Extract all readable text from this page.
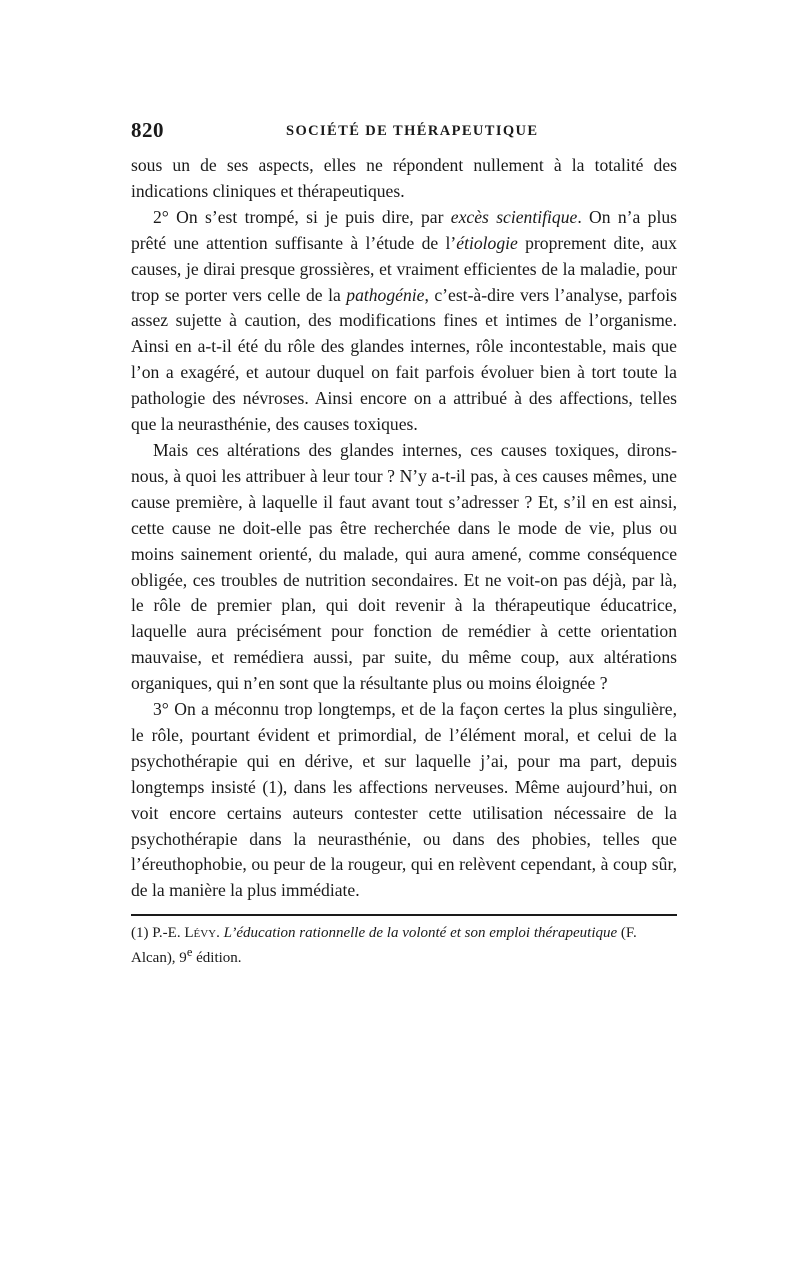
820	SOCIÉTÉ DE THÉRAPEUTIQUE

sous un de ses aspects, elles ne répondent nullement à la totalité des indications cliniques et thérapeutiques.

2° On s’est trompé, si je puis dire, par excès scientifique. On n’a plus prêté une attention suffisante à l’étude de l’étiologie proprement dite, aux causes, je dirai presque grossières, et vraiment efficientes de la maladie, pour trop se porter vers celle de la pathogénie, c’est-à-dire vers l’analyse, parfois assez sujette à caution, des modifications fines et intimes de l’organisme. Ainsi en a-t-il été du rôle des glandes internes, rôle incontestable, mais que l’on a exagéré, et autour duquel on fait parfois évoluer bien à tort toute la pathologie des névroses. Ainsi encore on a attribué à des affections, telles que la neurasthénie, des causes toxiques.

Mais ces altérations des glandes internes, ces causes toxiques, dirons-nous, à quoi les attribuer à leur tour ? N’y a-t-il pas, à ces causes mêmes, une cause première, à laquelle il faut avant tout s’adresser ? Et, s’il en est ainsi, cette cause ne doit-elle pas être recherchée dans le mode de vie, plus ou moins sainement orienté, du malade, qui aura amené, comme conséquence obligée, ces troubles de nutrition secondaires. Et ne voit-on pas déjà, par là, le rôle de premier plan, qui doit revenir à la thérapeutique éducatrice, laquelle aura précisément pour fonction de remédier à cette orientation mauvaise, et remédiera aussi, par suite, du même coup, aux altérations organiques, qui n’en sont que la résultante plus ou moins éloignée ?

3° On a méconnu trop longtemps, et de la façon certes la plus singulière, le rôle, pourtant évident et primordial, de l’élément moral, et celui de la psychothérapie qui en dérive, et sur laquelle j’ai, pour ma part, depuis longtemps insisté (1), dans les affections nerveuses. Même aujourd’hui, on voit encore certains auteurs contester cette utilisation nécessaire de la psychothérapie dans la neurasthénie, ou dans des phobies, telles que l’éreuthophobie, ou peur de la rougeur, qui en relèvent cependant, à coup sûr, de la manière la plus immédiate.

(1) P.-E. Lévy. L’éducation rationnelle de la volonté et son emploi thérapeutique (F. Alcan), 9e édition.
